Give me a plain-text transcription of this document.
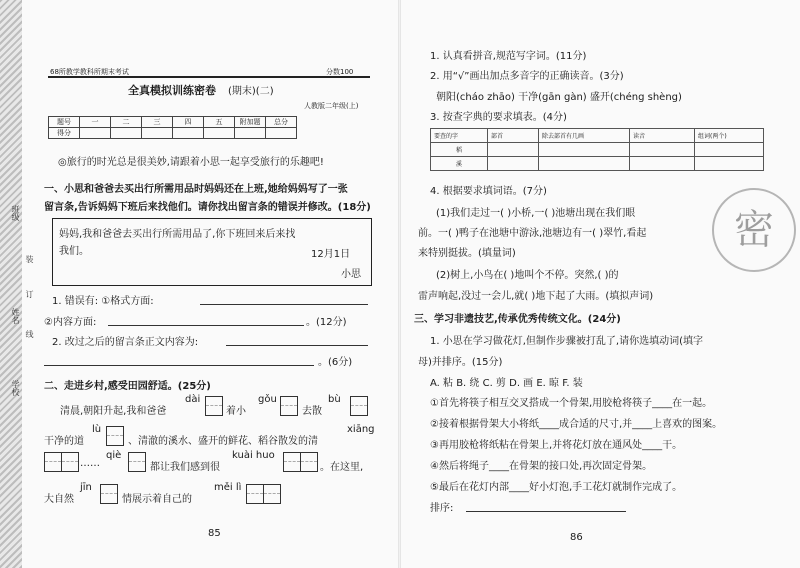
班级
姓名
学校
装
订
线
68所教学教科所期末考试	分数100
全真模拟训练密卷 (期末)(二)
人教版二年级(上)
题号	一	二	三	四	五	附加题	总分
得分							
◎旅行的时光总是很美妙,请跟着小思一起享受旅行的乐趣吧!
一、小思和爸爸去买出行所需用品时妈妈还在上班,她给妈妈写了一张
留言条,告诉妈妈下班后来找他们。请你找出留言条的错误并修改。(18分)
妈妈,我和爸爸去买出行所需用品了,你下班回来后来找
我们。	12月1日
小思
1. 错误有: ①格式方面:
②内容方面:	。(12分)
2. 改过之后的留言条正文内容为:
。(6分)
二、走进乡村,感受田园舒适。(25分)
清晨,朝阳升起,我和爸爸
dài
着小
gǒu
去散
bù
干净的道
lù
、清澈的溪水、盛开的鲜花、稻谷散发的清
xiāng
……
qiè
都让我们感到很
kuài huo
。在这里,
大自然
jīn
情展示着自己的
měi lì
85
1. 认真看拼音,规范写字词。(11分)
2. 用“√”画出加点多音字的正确读音。(3分)
朝阳(cháo zhāo) 干净(gān gàn) 盛开(chéng shèng)
3. 按查字典的要求填表。(4分)
要查的字	部首	除去部首有几画	读音	组词(两个)
稻				
溪				
4. 根据要求填词语。(7分)
(1)我们走过一( )小桥,一( )池塘出现在我们眼
前。一( )鸭子在池塘中游泳,池塘边有一( )翠竹,看起
来特别挺拔。(填量词)
(2)树上,小鸟在( )地叫个不停。突然,( )的
雷声响起,没过一会儿,就( )地下起了大雨。(填拟声词)
密
三、学习非遗技艺,传承优秀传统文化。(24分)
1. 小思在学习做花灯,但制作步骤被打乱了,请你选填动词(填字
母)并排序。(15分)
A. 粘 B. 绕 C. 剪 D. 画 E. 晾 F. 装
①首先将筷子相互交叉搭成一个骨架,用胶枪将筷子____在一起。
②接着根据骨架大小将纸____成合适的尺寸,并____上喜欢的图案。
③再用胶枪将纸粘在骨架上,并将花灯放在通风处____干。
④然后将绳子____在骨架的接口处,再次固定骨架。
⑤最后在花灯内部____好小灯泡,手工花灯就制作完成了。
排序:
86
